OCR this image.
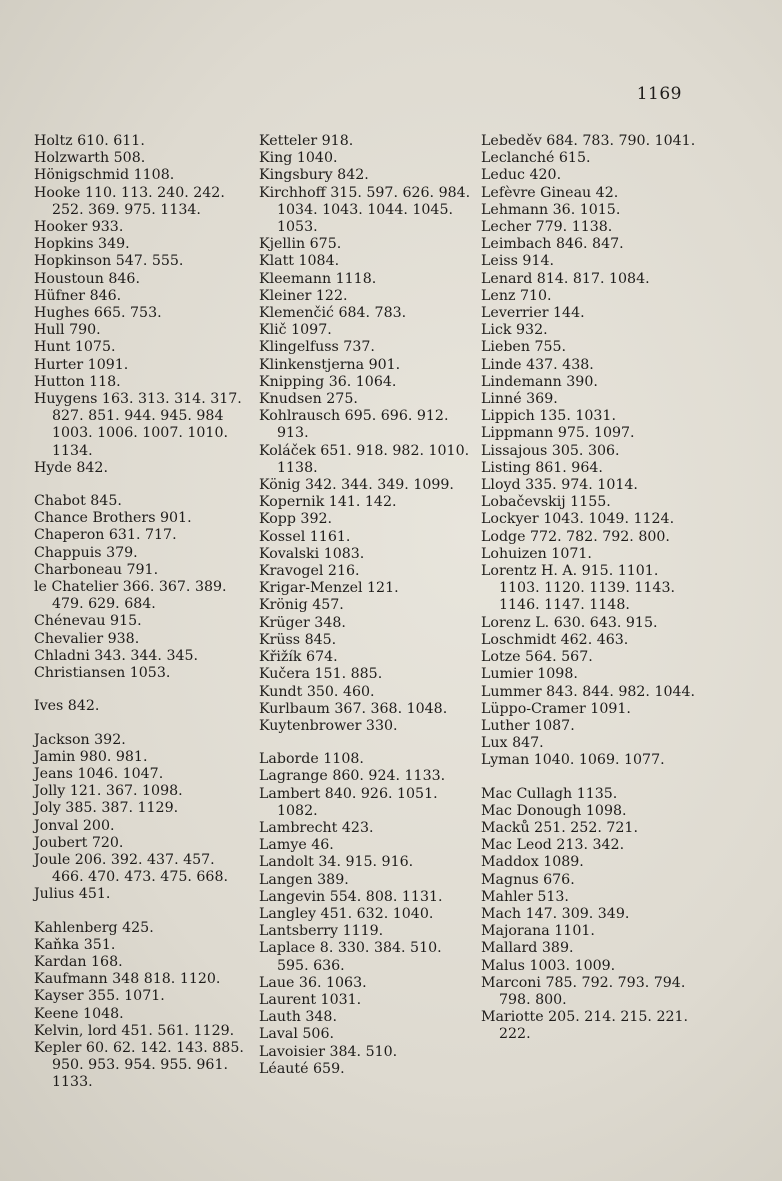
1169
Holtz 610. 611.
Holzwarth 508.
Hönigschmid 1108.
Hooke 110. 113. 240. 242. 252. 369. 975. 1134.
Hooker 933.
Hopkins 349.
Hopkinson 547. 555.
Houstoun 846.
Hüfner 846.
Hughes 665. 753.
Hull 790.
Hunt 1075.
Hurter 1091.
Hutton 118.
Huygens 163. 313. 314. 317. 827. 851. 944. 945. 984 1003. 1006. 1007. 1010. 1134.
Hyde 842.
Chabot 845.
Chance Brothers 901.
Chaperon 631. 717.
Chappuis 379.
Charboneau 791.
le Chatelier 366. 367. 389. 479. 629. 684.
Chénevau 915.
Chevalier 938.
Chladni 343. 344. 345.
Christiansen 1053.
Ives 842.
Jackson 392.
Jamin 980. 981.
Jeans 1046. 1047.
Jolly 121. 367. 1098.
Joly 385. 387. 1129.
Jonval 200.
Joubert 720.
Joule 206. 392. 437. 457. 466. 470. 473. 475. 668.
Julius 451.
Kahlenberg 425.
Kaňka 351.
Kardan 168.
Kaufmann 348 818. 1120.
Kayser 355. 1071.
Keene 1048.
Kelvin, lord 451. 561. 1129.
Kepler 60. 62. 142. 143. 885. 950. 953. 954. 955. 961. 1133.
Ketteler 918.
King 1040.
Kingsbury 842.
Kirchhoff 315. 597. 626. 984. 1034. 1043. 1044. 1045. 1053.
Kjellin 675.
Klatt 1084.
Kleemann 1118.
Kleiner 122.
Klemenčić 684. 783.
Klič 1097.
Klingelfuss 737.
Klinkenstjerna 901.
Knipping 36. 1064.
Knudsen 275.
Kohlrausch 695. 696. 912. 913.
Koláček 651. 918. 982. 1010. 1138.
König 342. 344. 349. 1099.
Kopernik 141. 142.
Kopp 392.
Kossel 1161.
Kovalski 1083.
Kravogel 216.
Krigar-Menzel 121.
Krönig 457.
Krüger 348.
Krüss 845.
Křižík 674.
Kučera 151. 885.
Kundt 350. 460.
Kurlbaum 367. 368. 1048.
Kuytenbrower 330.
Laborde 1108.
Lagrange 860. 924. 1133.
Lambert 840. 926. 1051. 1082.
Lambrecht 423.
Lamye 46.
Landolt 34. 915. 916.
Langen 389.
Langevin 554. 808. 1131.
Langley 451. 632. 1040.
Lantsberry 1119.
Laplace 8. 330. 384. 510. 595. 636.
Laue 36. 1063.
Laurent 1031.
Lauth 348.
Laval 506.
Lavoisier 384. 510.
Léauté 659.
Lebeděv 684. 783. 790. 1041.
Leclanché 615.
Leduc 420.
Lefèvre Gineau 42.
Lehmann 36. 1015.
Lecher 779. 1138.
Leimbach 846. 847.
Leiss 914.
Lenard 814. 817. 1084.
Lenz 710.
Leverrier 144.
Lick 932.
Lieben 755.
Linde 437. 438.
Lindemann 390.
Linné 369.
Lippich 135. 1031.
Lippmann 975. 1097.
Lissajous 305. 306.
Listing 861. 964.
Lloyd 335. 974. 1014.
Lobačevskij 1155.
Lockyer 1043. 1049. 1124.
Lodge 772. 782. 792. 800.
Lohuizen 1071.
Lorentz H. A. 915. 1101. 1103. 1120. 1139. 1143. 1146. 1147. 1148.
Lorenz L. 630. 643. 915.
Loschmidt 462. 463.
Lotze 564. 567.
Lumier 1098.
Lummer 843. 844. 982. 1044.
Lüppo-Cramer 1091.
Luther 1087.
Lux 847.
Lyman 1040. 1069. 1077.
Mac Cullagh 1135.
Mac Donough 1098.
Macků 251. 252. 721.
Mac Leod 213. 342.
Maddox 1089.
Magnus 676.
Mahler 513.
Mach 147. 309. 349.
Majorana 1101.
Mallard 389.
Malus 1003. 1009.
Marconi 785. 792. 793. 794. 798. 800.
Mariotte 205. 214. 215. 221. 222.
